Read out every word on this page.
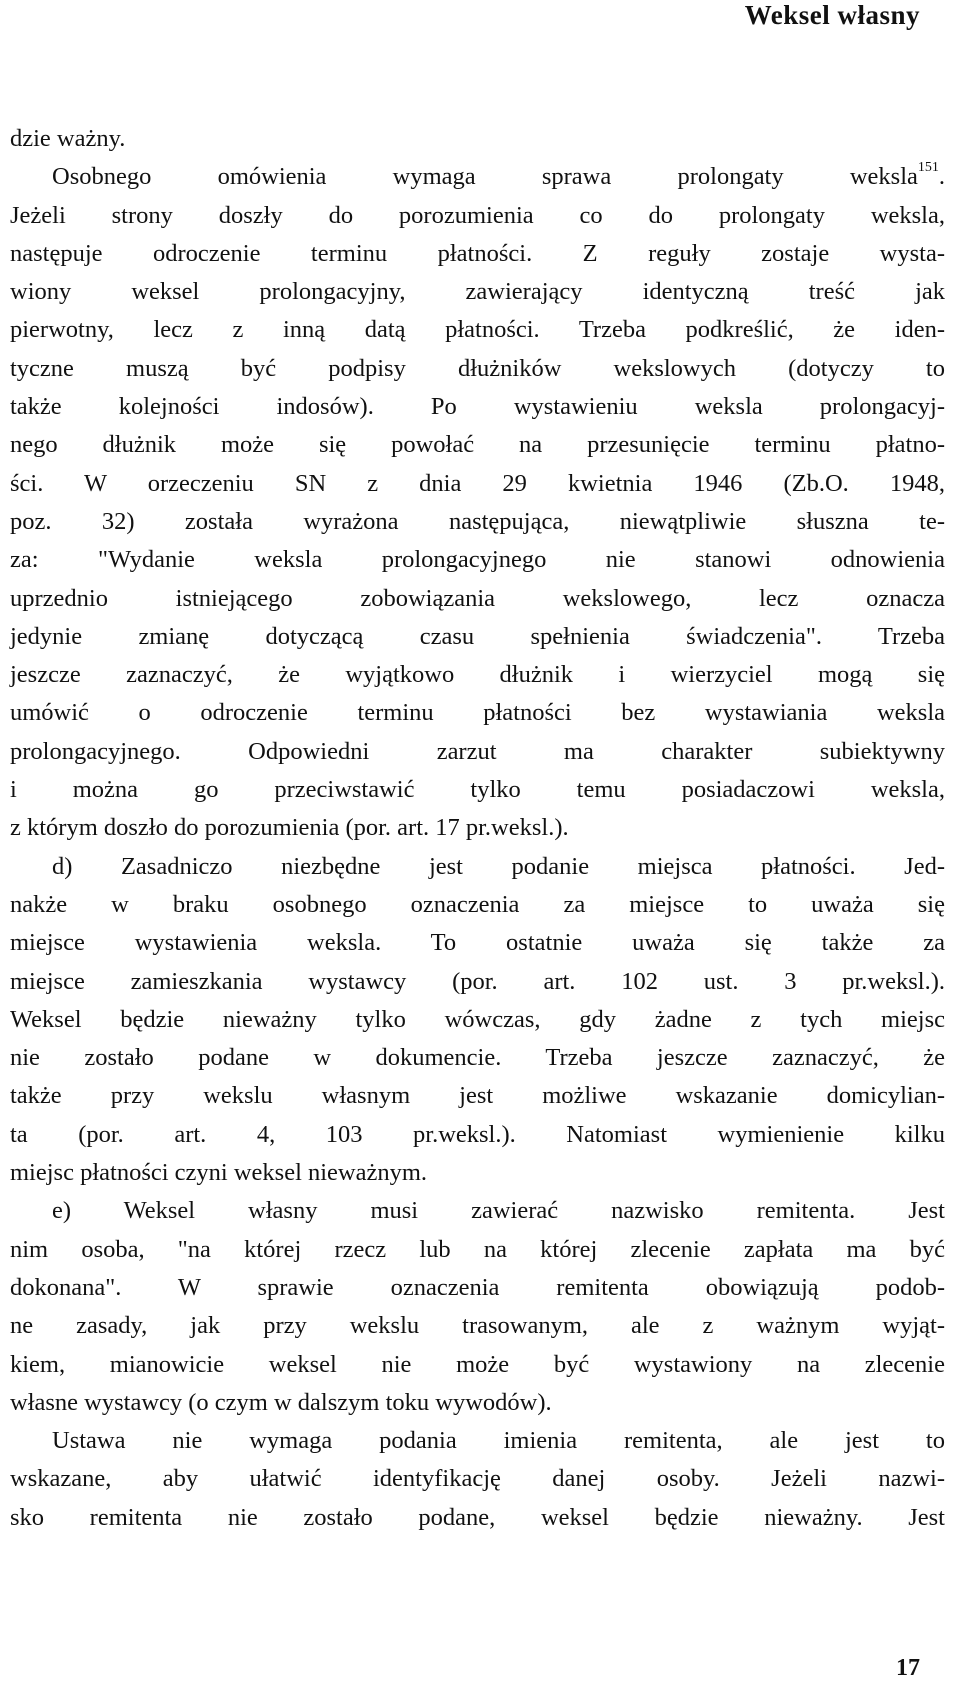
Weksel własny
dzie ważny.
Osobnego omówienia wymaga sprawa prolongaty weksla$^{151}$.
Jeżeli strony doszły do porozumienia co do prolongaty weksla,
następuje odroczenie terminu płatności. Z reguły zostaje wysta-
wiony weksel prolongacyjny, zawierający identyczną treść jak
pierwotny, lecz z inną datą płatności. Trzeba podkreślić, że iden-
tyczne muszą być podpisy dłużników wekslowych (dotyczy to
także kolejności indosów). Po wystawieniu weksla prolongacyj-
nego dłużnik może się powołać na przesunięcie terminu płatno-
ści. W orzeczeniu SN z dnia 29 kwietnia 1946 (Zb.O. 1948,
poz. 32) została wyrażona następująca, niewątpliwie słuszna te-
za: "Wydanie weksla prolongacyjnego nie stanowi odnowienia
uprzednio istniejącego zobowiązania wekslowego, lecz oznacza
jedynie zmianę dotyczącą czasu spełnienia świadczenia". Trzeba
jeszcze zaznaczyć, że wyjątkowo dłużnik i wierzyciel mogą się
umówić o odroczenie terminu płatności bez wystawiania weksla
prolongacyjnego. Odpowiedni zarzut ma charakter subiektywny
i można go przeciwstawić tylko temu posiadaczowi weksla,
z którym doszło do porozumienia (por. art. 17 pr.weksl.).
d) Zasadniczo niezbędne jest podanie miejsca płatności. Jed-
nakże w braku osobnego oznaczenia za miejsce to uważa się
miejsce wystawienia weksla. To ostatnie uważa się także za
miejsce zamieszkania wystawcy (por. art. 102 ust. 3 pr.weksl.).
Weksel będzie nieważny tylko wówczas, gdy żadne z tych miejsc
nie zostało podane w dokumencie. Trzeba jeszcze zaznaczyć, że
także przy wekslu własnym jest możliwe wskazanie domicylian-
ta (por. art. 4, 103 pr.weksl.). Natomiast wymienienie kilku
miejsc płatności czyni weksel nieważnym.
e) Weksel własny musi zawierać nazwisko remitenta. Jest
nim osoba, "na której rzecz lub na której zlecenie zapłata ma być
dokonana". W sprawie oznaczenia remitenta obowiązują podob-
ne zasady, jak przy wekslu trasowanym, ale z ważnym wyjąt-
kiem, mianowicie weksel nie może być wystawiony na zlecenie
własne wystawcy (o czym w dalszym toku wywodów).
Ustawa nie wymaga podania imienia remitenta, ale jest to
wskazane, aby ułatwić identyfikację danej osoby. Jeżeli nazwi-
sko remitenta nie zostało podane, weksel będzie nieważny. Jest
17
